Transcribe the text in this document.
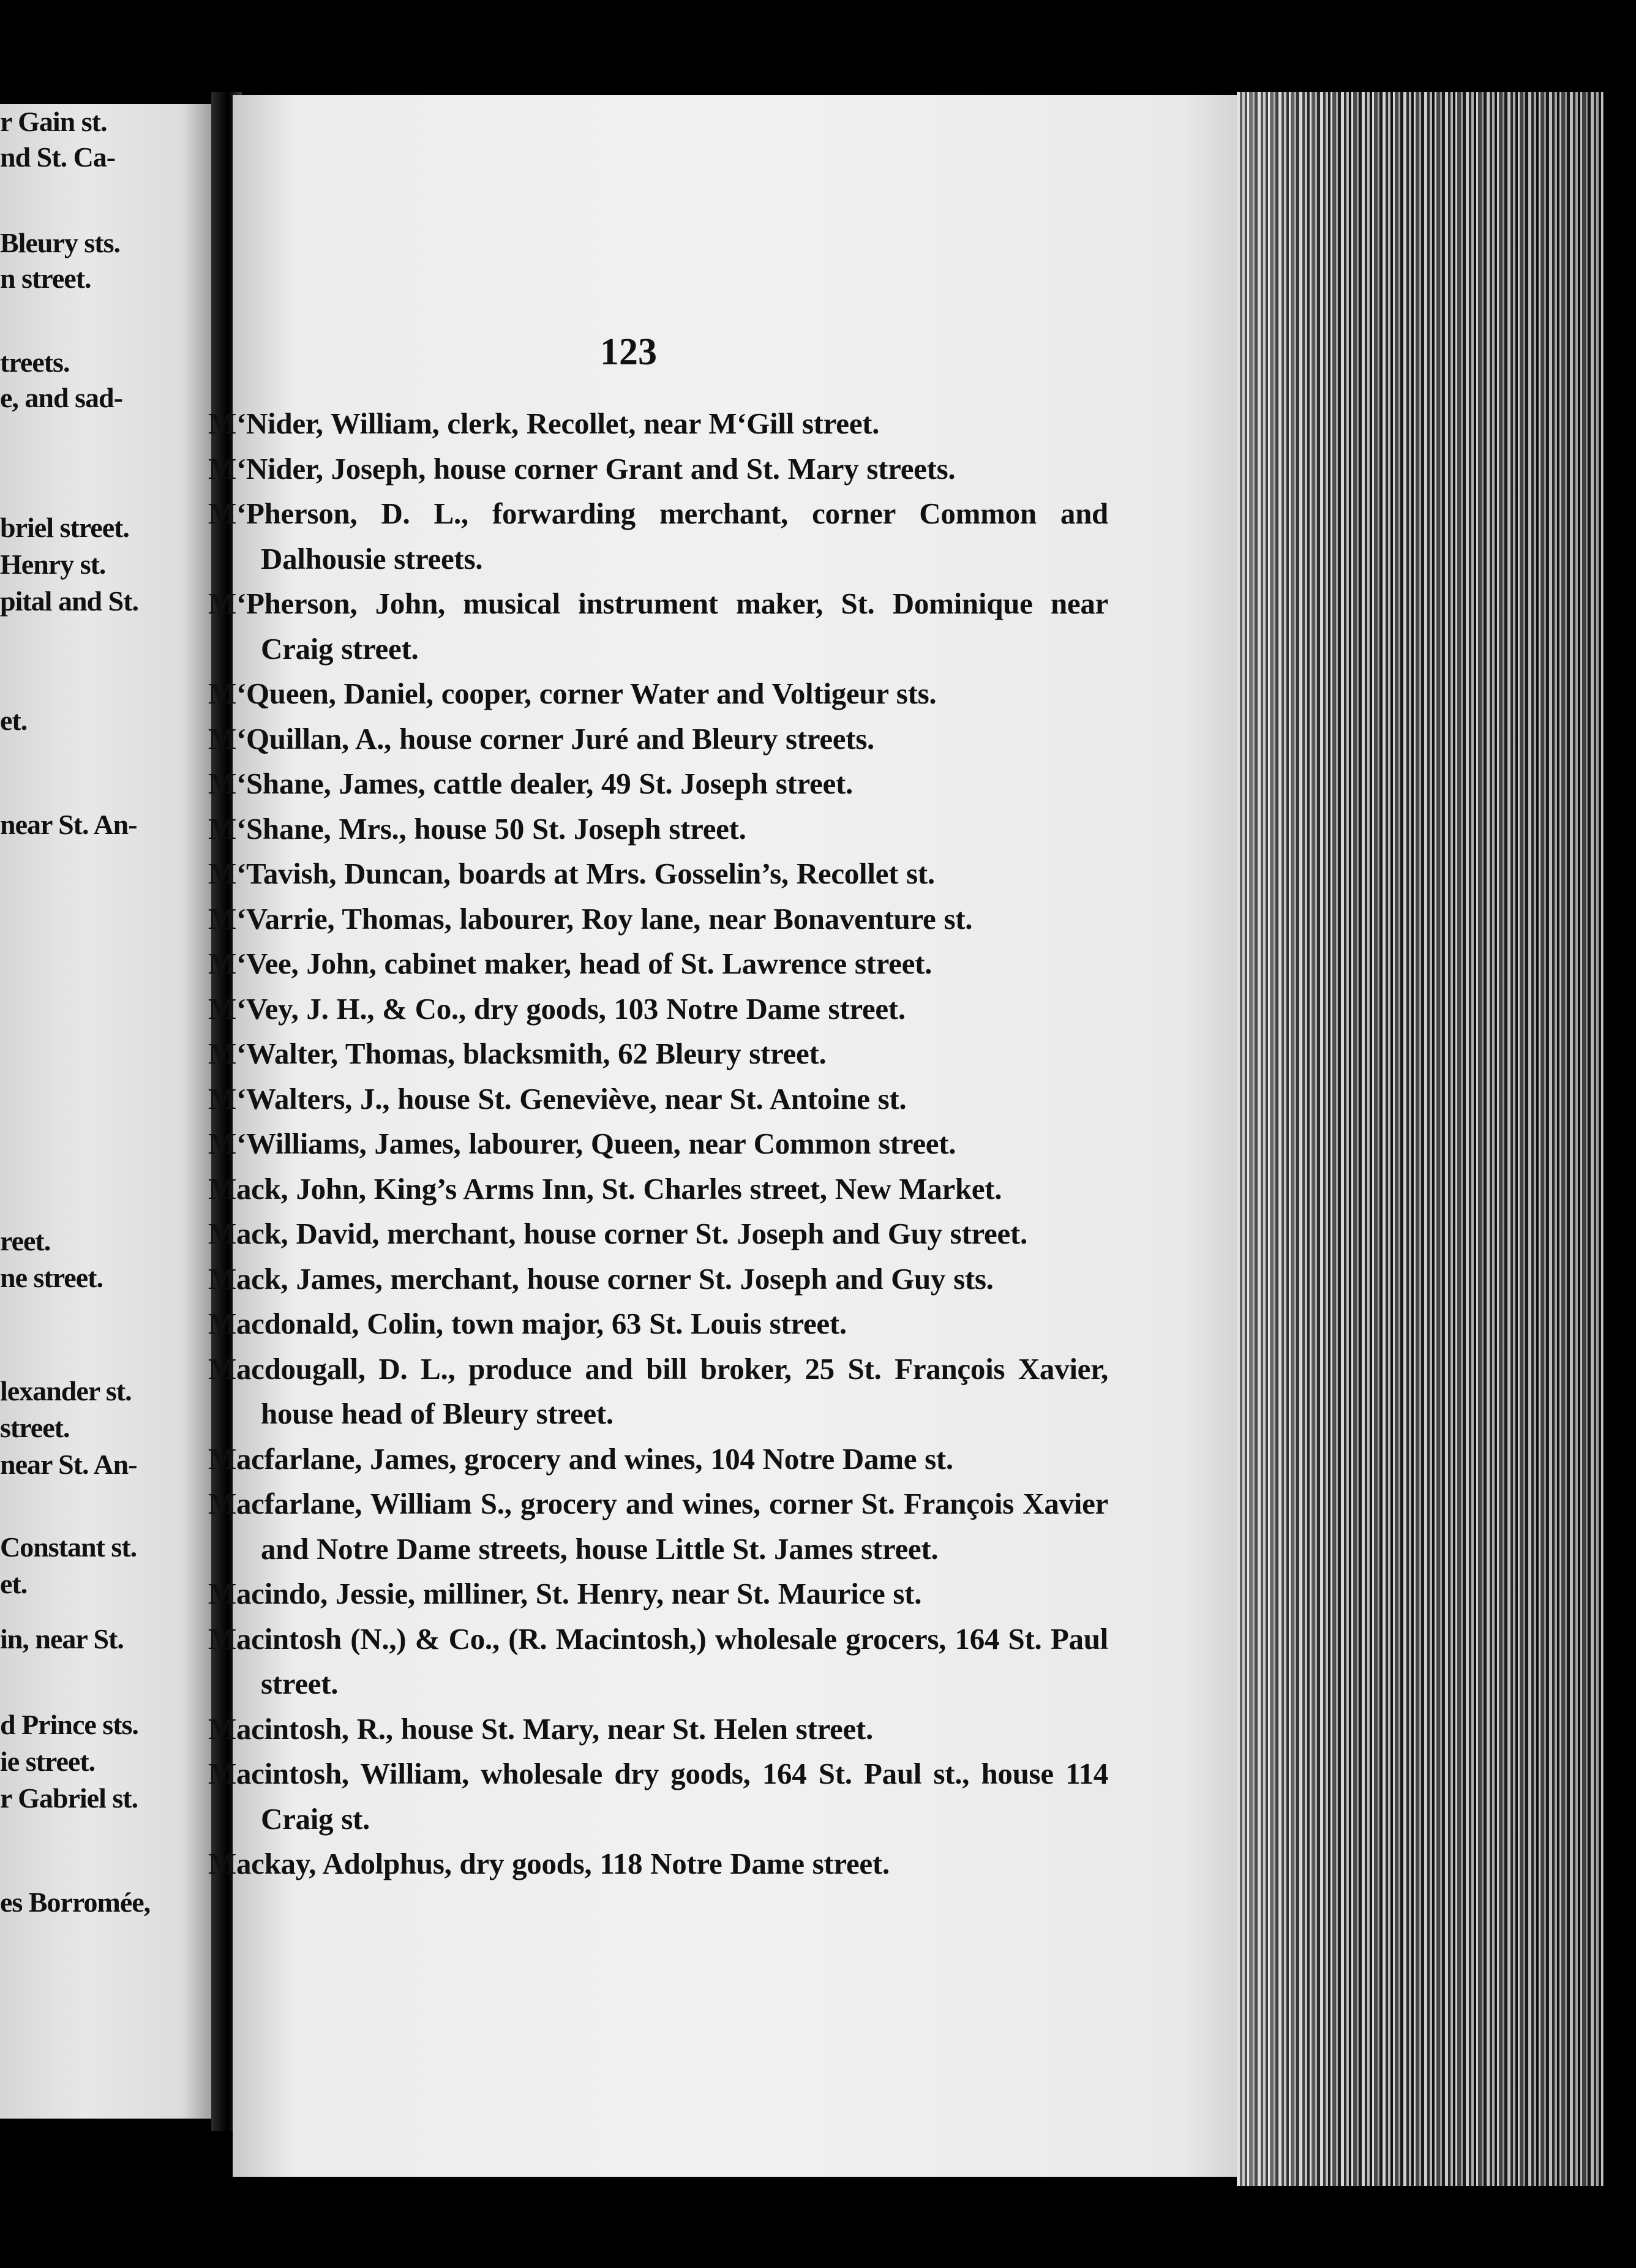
r Gain st.
nd St. Ca-
Bleury sts.
n street.
treets.
e, and sad-
briel street.
Henry st.
pital and St.
et.
near St. An-
reet.
ne street.
lexander st.
street.
near St. An-
Constant st.
et.
in, near St.
d Prince sts.
ie street.
r Gabriel st.
es Borromée,
123
M‘Nider, William, clerk, Recollet, near M‘Gill street.
M‘Nider, Joseph, house corner Grant and St. Mary streets.
M‘Pherson, D. L., forwarding merchant, corner Common and Dalhousie streets.
M‘Pherson, John, musical instrument maker, St. Dominique near Craig street.
M‘Queen, Daniel, cooper, corner Water and Voltigeur sts.
M‘Quillan, A., house corner Juré and Bleury streets.
M‘Shane, James, cattle dealer, 49 St. Joseph street.
M‘Shane, Mrs., house 50 St. Joseph street.
M‘Tavish, Duncan, boards at Mrs. Gosselin’s, Recollet st.
M‘Varrie, Thomas, labourer, Roy lane, near Bonaventure st.
M‘Vee, John, cabinet maker, head of St. Lawrence street.
M‘Vey, J. H., & Co., dry goods, 103 Notre Dame street.
M‘Walter, Thomas, blacksmith, 62 Bleury street.
M‘Walters, J., house St. Geneviève, near St. Antoine st.
M‘Williams, James, labourer, Queen, near Common street.
Mack, John, King’s Arms Inn, St. Charles street, New Market.
Mack, David, merchant, house corner St. Joseph and Guy street.
Mack, James, merchant, house corner St. Joseph and Guy sts.
Macdonald, Colin, town major, 63 St. Louis street.
Macdougall, D. L., produce and bill broker, 25 St. François Xavier, house head of Bleury street.
Macfarlane, James, grocery and wines, 104 Notre Dame st.
Macfarlane, William S., grocery and wines, corner St. François Xavier and Notre Dame streets, house Little St. James street.
Macindo, Jessie, milliner, St. Henry, near St. Maurice st.
Macintosh (N.,) & Co., (R. Macintosh,) wholesale grocers, 164 St. Paul street.
Macintosh, R., house St. Mary, near St. Helen street.
Macintosh, William, wholesale dry goods, 164 St. Paul st., house 114 Craig st.
Mackay, Adolphus, dry goods, 118 Notre Dame street.
